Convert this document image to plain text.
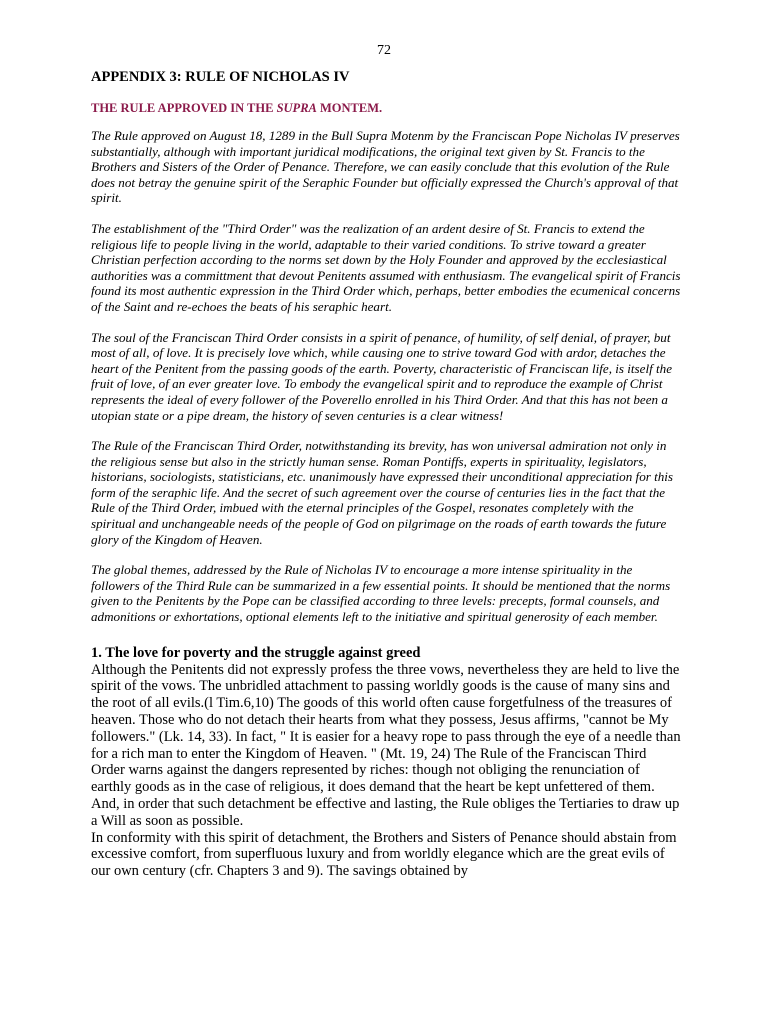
72
APPENDIX 3: RULE OF NICHOLAS IV
THE RULE APPROVED IN THE SUPRA MONTEM.

The Rule approved on August 18, 1289 in the Bull Supra Motenm by the Franciscan Pope Nicholas IV preserves substantially, although with important juridical modifications, the original text given by St. Francis to the Brothers and Sisters of the Order of Penance. Therefore, we can easily conclude that this evolution of the Rule does not betray the genuine spirit of the Seraphic Founder but officially expressed the Church's approval of that spirit.

The establishment of the "Third Order" was the realization of an ardent desire of St. Francis to extend the religious life to people living in the world, adaptable to their varied conditions. To strive toward a greater Christian perfection according to the norms set down by the Holy Founder and approved by the ecclesiastical authorities was a committment that devout Penitents assumed with enthusiasm. The evangelical spirit of Francis found its most authentic expression in the Third Order which, perhaps, better embodies the ecumenical concerns of the Saint and re-echoes the beats of his seraphic heart.

The soul of the Franciscan Third Order consists in a spirit of penance, of humility, of self denial, of prayer, but most of all, of love. It is precisely love which, while causing one to strive toward God with ardor, detaches the heart of the Penitent from the passing goods of the earth. Poverty, characteristic of Franciscan life, is itself the fruit of love, of an ever greater love. To embody the evangelical spirit and to reproduce the example of Christ represents the ideal of every follower of the Poverello enrolled in his Third Order. And that this has not been a utopian state or a pipe dream, the history of seven centuries is a clear witness!

The Rule of the Franciscan Third Order, notwithstanding its brevity, has won universal admiration not only in the religious sense but also in the strictly human sense. Roman Pontiffs, experts in spirituality, legislators, historians, sociologists, statisticians, etc. unanimously have expressed their unconditional appreciation for this form of the seraphic life. And the secret of such agreement over the course of centuries lies in the fact that the Rule of the Third Order, imbued with the eternal principles of the Gospel, resonates completely with the spiritual and unchangeable needs of the people of God on pilgrimage on the roads of earth towards the future glory of the Kingdom of Heaven.

The global themes, addressed by the Rule of Nicholas IV to encourage a more intense spirituality in the followers of the Third Rule can be summarized in a few essential points. It should be mentioned that the norms given to the Penitents by the Pope can be classified according to three levels: precepts, formal counsels, and admonitions or exhortations, optional elements left to the initiative and spiritual generosity of each member.

1. The love for poverty and the struggle against greed

Although the Penitents did not expressly profess the three vows, nevertheless they are held to live the spirit of the vows. The unbridled attachment to passing worldly goods is the cause of many sins and the root of all evils.(l Tim.6,10) The goods of this world often cause forgetfulness of the treasures of heaven. Those who do not detach their hearts from what they possess, Jesus affirms, "cannot be My followers." (Lk. 14, 33). In fact, " It is easier for a heavy rope to pass through the eye of a needle than for a rich man to enter the Kingdom of Heaven. " (Mt. 19, 24) The Rule of the Franciscan Third Order warns against the dangers represented by riches: though not obliging the renunciation of earthly goods as in the case of religious, it does demand that the heart be kept unfettered of them. And, in order that such detachment be effective and lasting, the Rule obliges the Tertiaries to draw up a Will as soon as possible.

In conformity with this spirit of detachment, the Brothers and Sisters of Penance should abstain from excessive comfort, from superfluous luxury and from worldly elegance which are the great evils of our own century (cfr. Chapters 3 and 9). The savings obtained by
